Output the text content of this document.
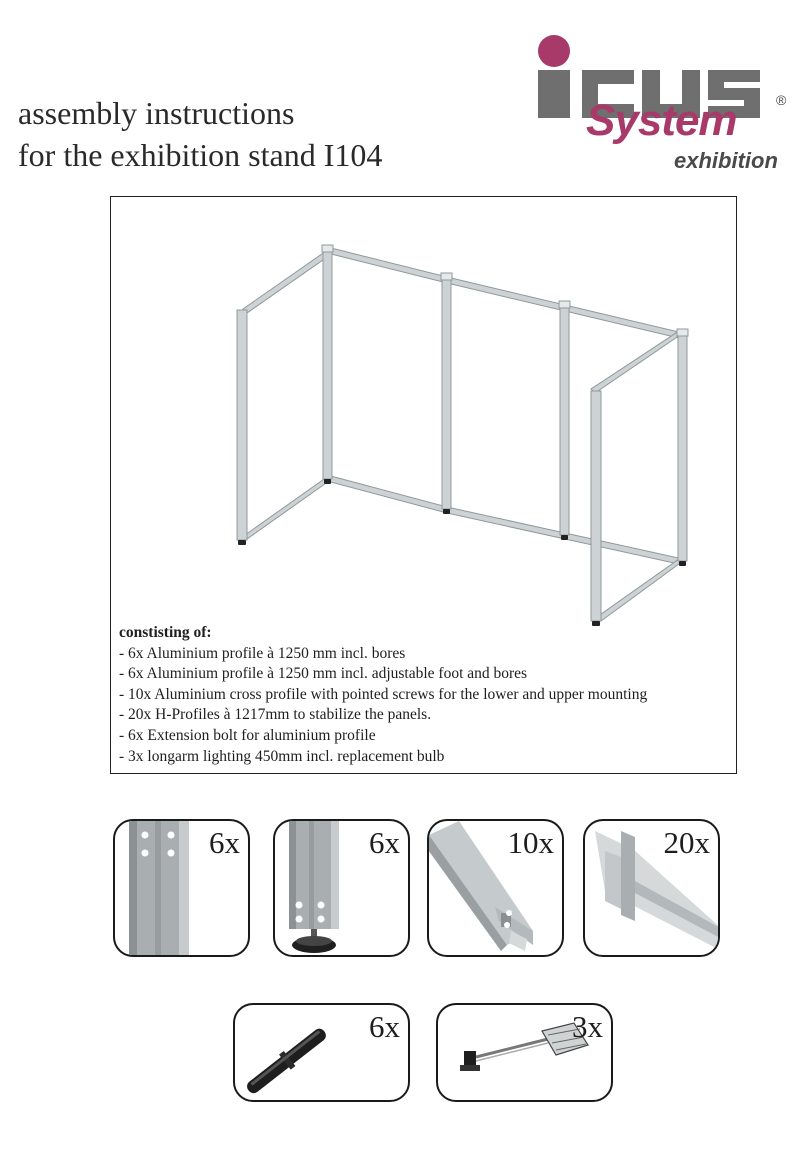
assembly instructions
for the exhibition stand I104
System
exhibition
®
constisting of:
- 6x Aluminium profile à 1250 mm incl. bores
- 6x Aluminium profile à 1250 mm incl. adjustable foot and bores
- 10x Aluminium cross profile with pointed screws for the lower and upper mounting
- 20x H-Profiles à 1217mm to stabilize the panels.
- 6x Extension bolt for aluminium profile
- 3x longarm lighting 450mm incl. replacement bulb
6x	6x	10x	20x
6x	3x
